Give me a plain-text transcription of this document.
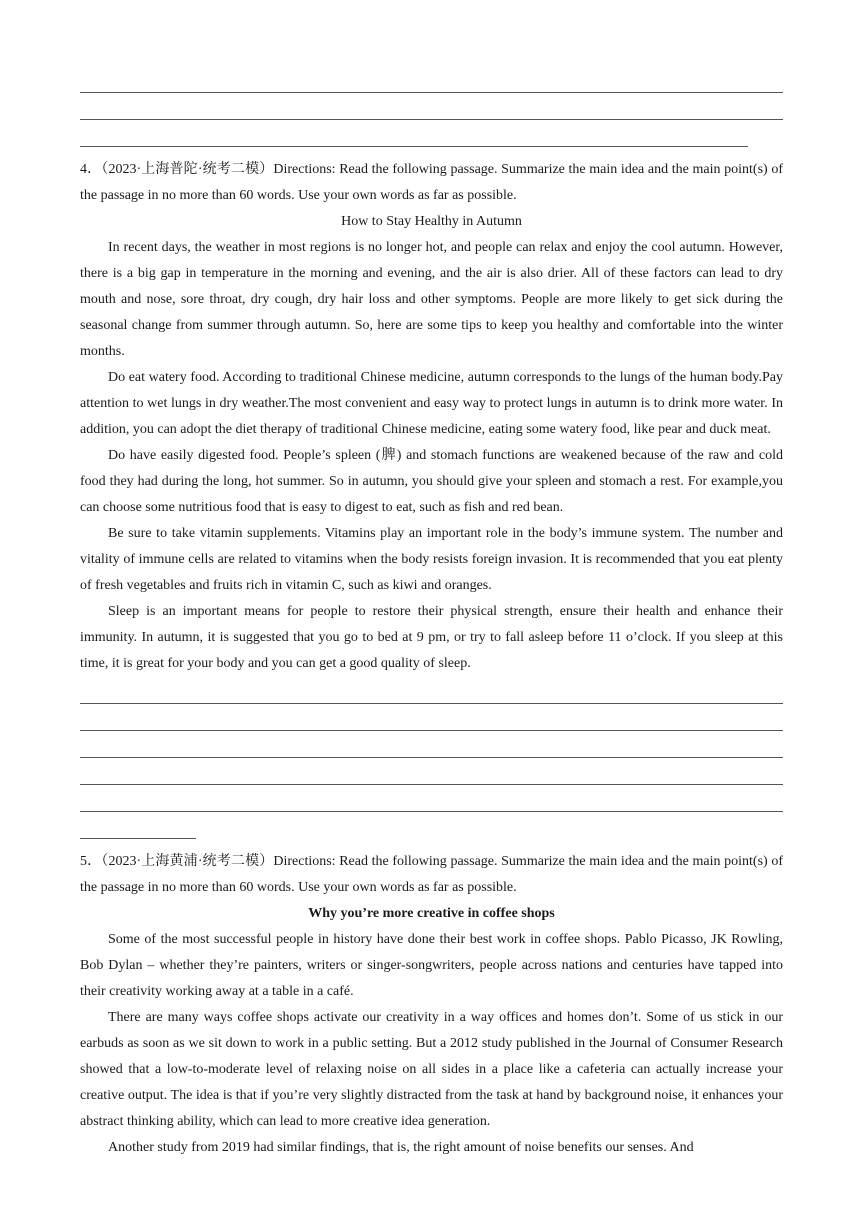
4．（2023·上海普陀·统考二模）Directions: Read the following passage. Summarize the main idea and the main point(s) of the passage in no more than 60 words. Use your own words as far as possible.

How to Stay Healthy in Autumn

In recent days, the weather in most regions is no longer hot, and people can relax and enjoy the cool autumn. However, there is a big gap in temperature in the morning and evening, and the air is also drier. All of these factors can lead to dry mouth and nose, sore throat, dry cough, dry hair loss and other symptoms. People are more likely to get sick during the seasonal change from summer through autumn. So, here are some tips to keep you healthy and comfortable into the winter months.

Do eat watery food. According to traditional Chinese medicine, autumn corresponds to the lungs of the human body.Pay attention to wet lungs in dry weather.The most convenient and easy way to protect lungs in autumn is to drink more water. In addition, you can adopt the diet therapy of traditional Chinese medicine, eating some watery food, like pear and duck meat.

Do have easily digested food. People’s spleen (脾) and stomach functions are weakened because of the raw and cold food they had during the long, hot summer. So in autumn, you should give your spleen and stomach a rest. For example,you can choose some nutritious food that is easy to digest to eat, such as fish and red bean.

Be sure to take vitamin supplements. Vitamins play an important role in the body’s immune system. The number and vitality of immune cells are related to vitamins when the body resists foreign invasion. It is recommended that you eat plenty of fresh vegetables and fruits rich in vitamin C, such as kiwi and oranges.

Sleep is an important means for people to restore their physical strength, ensure their health and enhance their immunity. In autumn, it is suggested that you go to bed at 9 pm, or try to fall asleep before 11 o’clock. If you sleep at this time, it is great for your body and you can get a good quality of sleep.

5．（2023·上海黄浦·统考二模）Directions: Read the following passage. Summarize the main idea and the main point(s) of the passage in no more than 60 words. Use your own words as far as possible.

Why you’re more creative in coffee shops

Some of the most successful people in history have done their best work in coffee shops. Pablo Picasso, JK Rowling, Bob Dylan – whether they’re painters, writers or singer-songwriters, people across nations and centuries have tapped into their creativity working away at a table in a café.

There are many ways coffee shops activate our creativity in a way offices and homes don’t. Some of us stick in our earbuds as soon as we sit down to work in a public setting. But a 2012 study published in the Journal of Consumer Research showed that a low-to-moderate level of relaxing noise on all sides in a place like a cafeteria can actually increase your creative output. The idea is that if you’re very slightly distracted from the task at hand by background noise, it enhances your abstract thinking ability, which can lead to more creative idea generation.

Another study from 2019 had similar findings, that is, the right amount of noise benefits our senses. And
